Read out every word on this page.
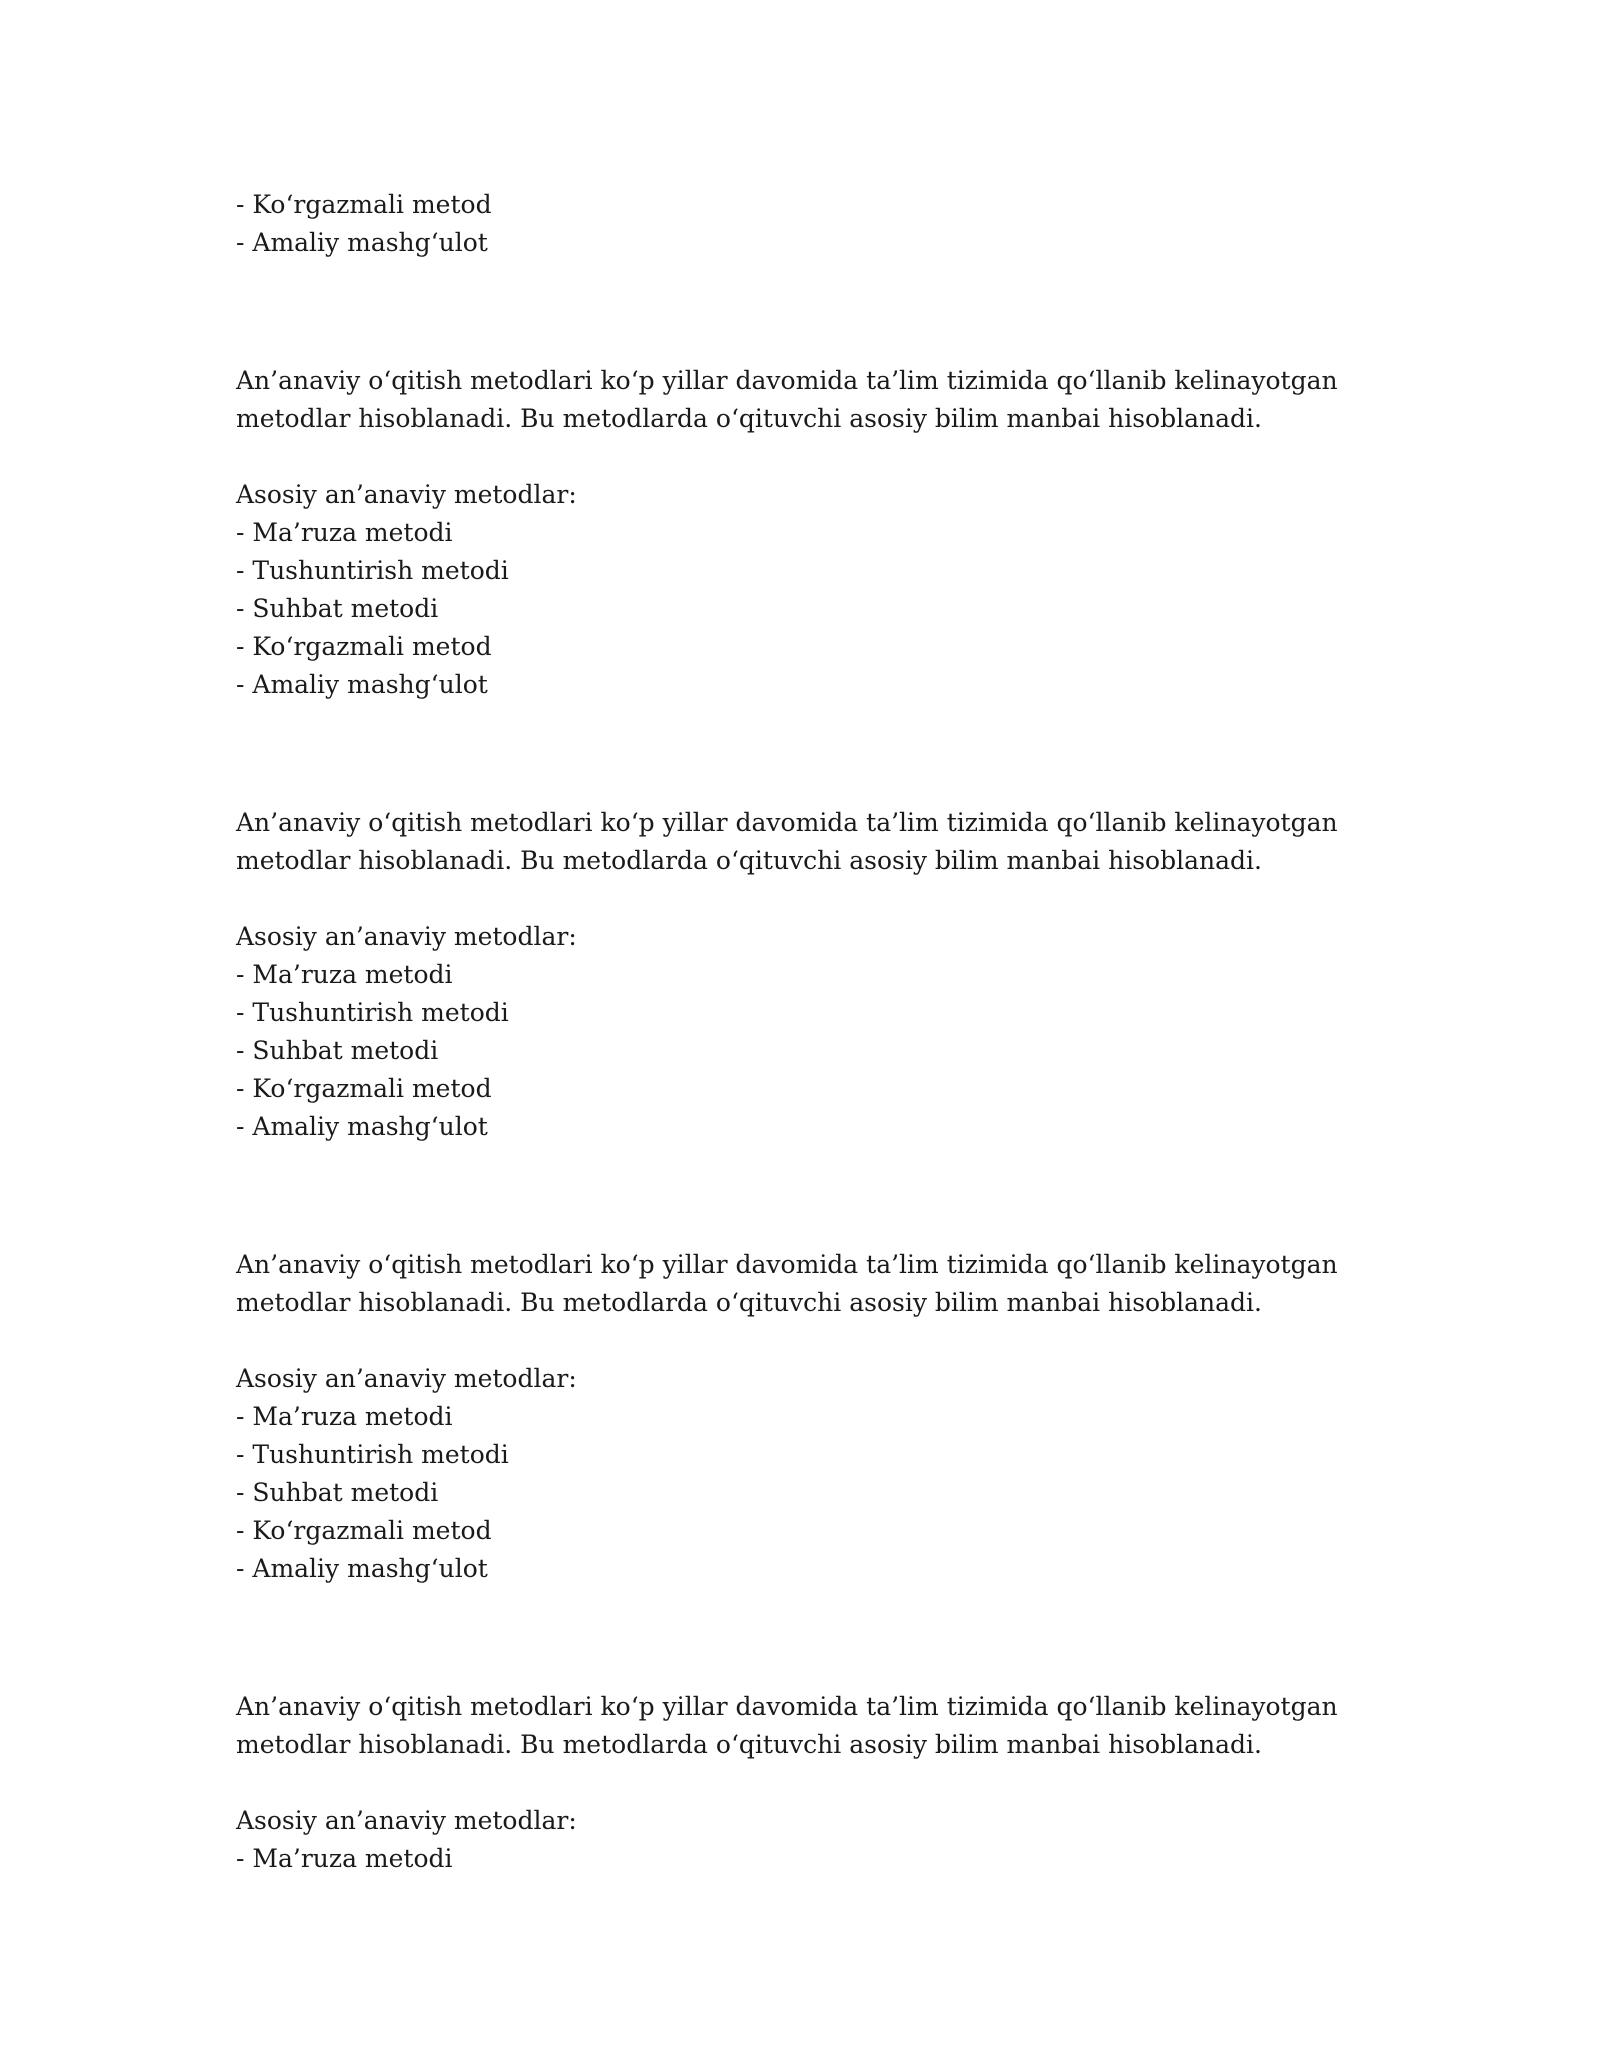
- Koʻrgazmali metod
- Amaliy mashgʻulot
An’anaviy oʻqitish metodlari koʻp yillar davomida ta’lim tizimida qoʻllanib kelinayotgan
metodlar hisoblanadi. Bu metodlarda oʻqituvchi asosiy bilim manbai hisoblanadi.
Asosiy an’anaviy metodlar:
- Ma’ruza metodi
- Tushuntirish metodi
- Suhbat metodi
- Koʻrgazmali metod
- Amaliy mashgʻulot
An’anaviy oʻqitish metodlari koʻp yillar davomida ta’lim tizimida qoʻllanib kelinayotgan
metodlar hisoblanadi. Bu metodlarda oʻqituvchi asosiy bilim manbai hisoblanadi.
Asosiy an’anaviy metodlar:
- Ma’ruza metodi
- Tushuntirish metodi
- Suhbat metodi
- Koʻrgazmali metod
- Amaliy mashgʻulot
An’anaviy oʻqitish metodlari koʻp yillar davomida ta’lim tizimida qoʻllanib kelinayotgan
metodlar hisoblanadi. Bu metodlarda oʻqituvchi asosiy bilim manbai hisoblanadi.
Asosiy an’anaviy metodlar:
- Ma’ruza metodi
- Tushuntirish metodi
- Suhbat metodi
- Koʻrgazmali metod
- Amaliy mashgʻulot
An’anaviy oʻqitish metodlari koʻp yillar davomida ta’lim tizimida qoʻllanib kelinayotgan
metodlar hisoblanadi. Bu metodlarda oʻqituvchi asosiy bilim manbai hisoblanadi.
Asosiy an’anaviy metodlar:
- Ma’ruza metodi
